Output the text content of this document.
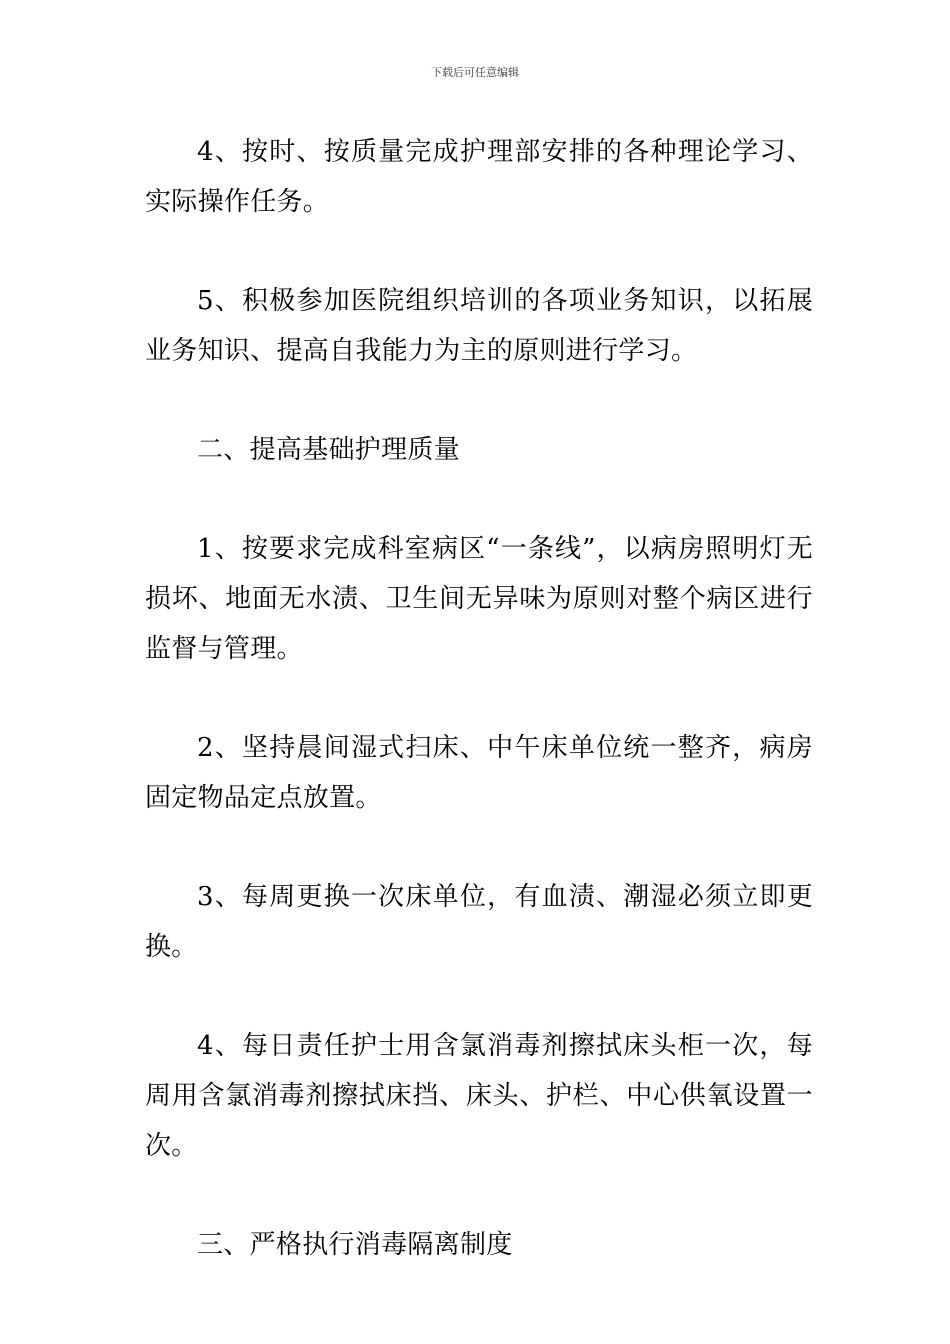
下载后可任意编辑

4、按时、按质量完成护理部安排的各种理论学习、实际操作任务。

5、积极参加医院组织培训的各项业务知识，以拓展业务知识、提高自我能力为主的原则进行学习。

二、提高基础护理质量

1、按要求完成科室病区“一条线”，以病房照明灯无损坏、地面无水渍、卫生间无异味为原则对整个病区进行监督与管理。

2、坚持晨间湿式扫床、中午床单位统一整齐，病房固定物品定点放置。

3、每周更换一次床单位，有血渍、潮湿必须立即更换。

4、每日责任护士用含氯消毒剂擦拭床头柜一次，每周用含氯消毒剂擦拭床挡、床头、护栏、中心供氧设置一次。

三、严格执行消毒隔离制度
